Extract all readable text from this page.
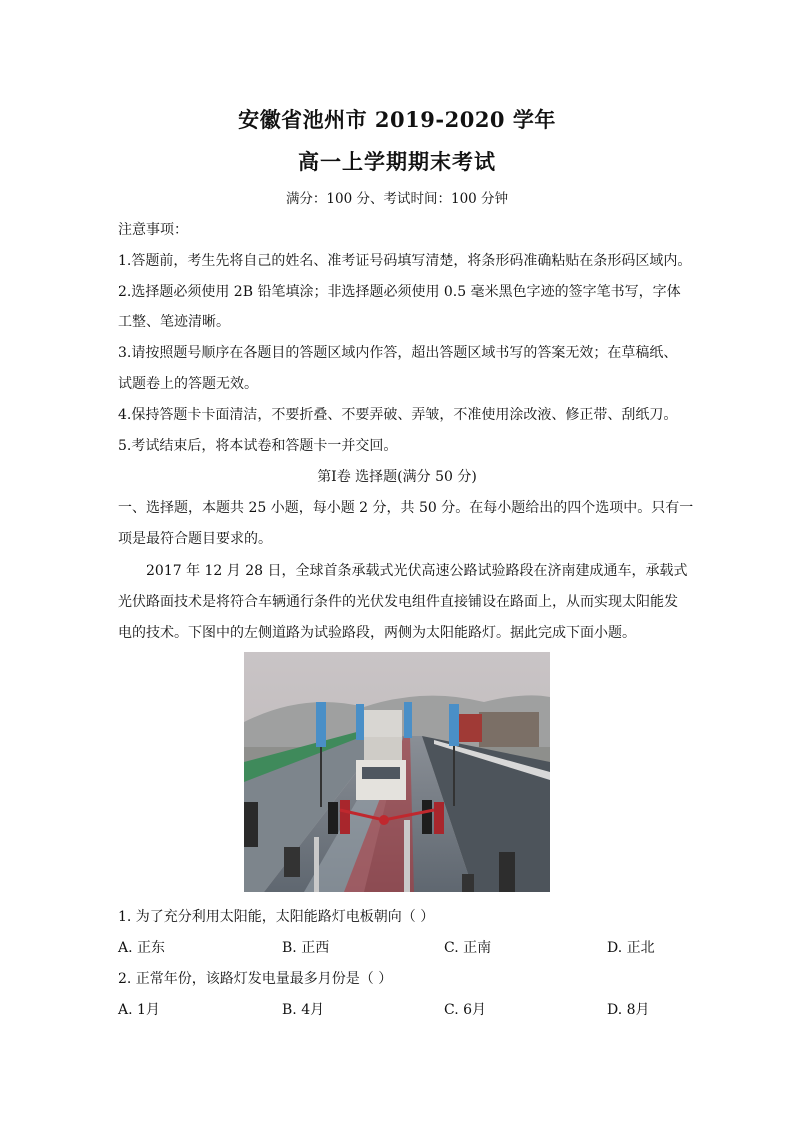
安徽省池州市 2019-2020 学年
高一上学期期末考试
满分：100 分、考试时间：100 分钟
注意事项：
1.答题前，考生先将自己的姓名、准考证号码填写清楚，将条形码准确粘贴在条形码区域内。
2.选择题必须使用 2B 铅笔填涂；非选择题必须使用 0.5 毫米黑色字迹的签字笔书写，字体
工整、笔迹清晰。
3.请按照题号顺序在各题目的答题区域内作答，超出答题区域书写的答案无效；在草稿纸、
试题卷上的答题无效。
4.保持答题卡卡面清洁，不要折叠、不要弄破、弄皱，不准使用涂改液、修正带、刮纸刀。
5.考试结束后，将本试卷和答题卡一并交回。
第Ⅰ卷 选择题(满分 50 分)
一、选择题，本题共 25 小题，每小题 2 分，共 50 分。在每小题给出的四个选项中。只有一
项是最符合题目要求的。
2017 年 12 月 28 日，全球首条承载式光伏高速公路试验路段在济南建成通车，承载式
光伏路面技术是将符合车辆通行条件的光伏发电组件直接铺设在路面上，从而实现太阳能发
电的技术。下图中的左侧道路为试验路段，两侧为太阳能路灯。据此完成下面小题。
1. 为了充分利用太阳能，太阳能路灯电板朝向（ ）
A. 正东	B. 正西	C. 正南	D. 正北
2. 正常年份，该路灯发电量最多月份是（ ）
A. 1月	B. 4月	C. 6月	D. 8月
